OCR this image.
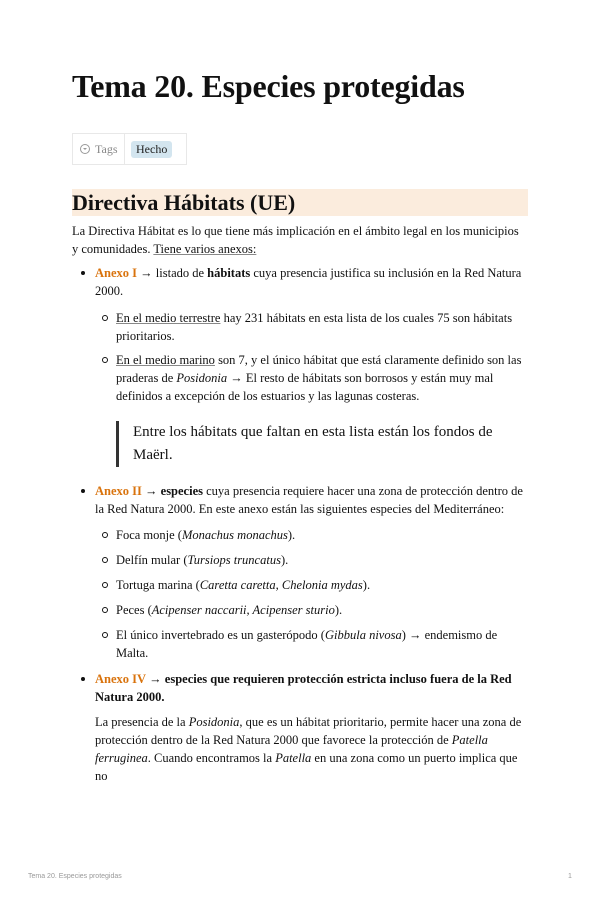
Tema 20. Especies protegidas
Tags	Hecho
Directiva Hábitats (UE)

La Directiva Hábitat es lo que tiene más implicación en el ámbito legal en los municipios y comunidades. Tiene varios anexos:

Anexo I → listado de hábitats cuya presencia justifica su inclusión en la Red Natura 2000.
En el medio terrestre hay 231 hábitats en esta lista de los cuales 75 son hábitats prioritarios.
En el medio marino son 7, y el único hábitat que está claramente definido son las praderas de Posidonia → El resto de hábitats son borrosos y están muy mal definidos a excepción de los estuarios y las lagunas costeras.
Entre los hábitats que faltan en esta lista están los fondos de Maërl.
Anexo II → especies cuya presencia requiere hacer una zona de protección dentro de la Red Natura 2000. En este anexo están las siguientes especies del Mediterráneo:
Foca monje (Monachus monachus).
Delfín mular (Tursiops truncatus).
Tortuga marina (Caretta caretta, Chelonia mydas).
Peces (Acipenser naccarii, Acipenser sturio).
El único invertebrado es un gasterópodo (Gibbula nivosa) → endemismo de Malta.
Anexo IV → especies que requieren protección estricta incluso fuera de la Red Natura 2000.
La presencia de la Posidonia, que es un hábitat prioritario, permite hacer una zona de protección dentro de la Red Natura 2000 que favorece la protección de Patella ferruginea. Cuando encontramos la Patella en una zona como un puerto implica que no
Tema 20. Especies protegidas	1
